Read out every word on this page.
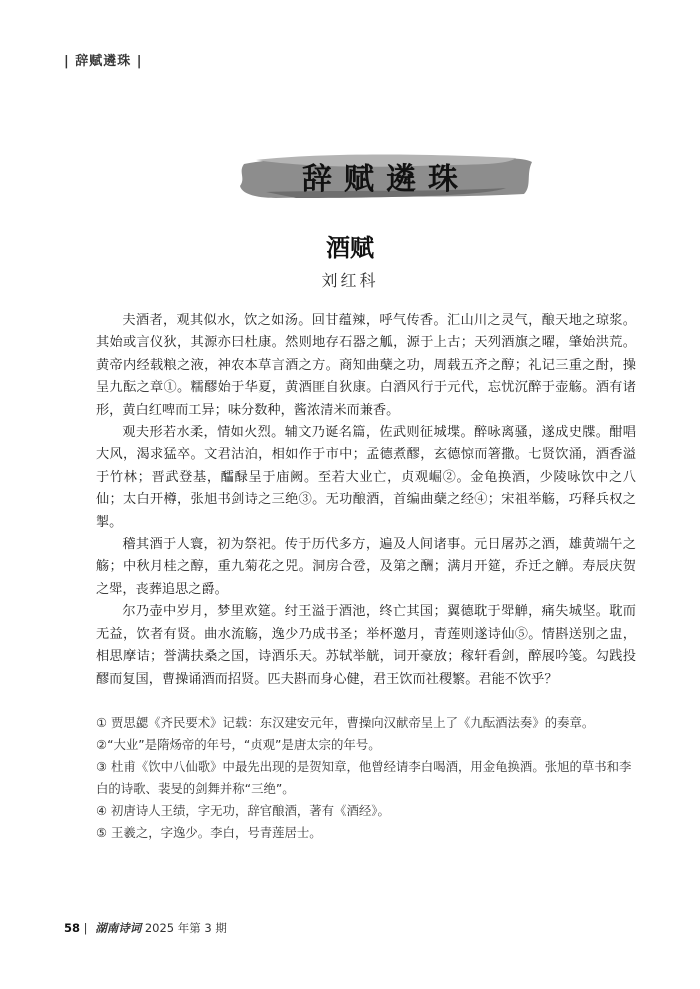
| 辞赋遴珠 |
辞赋遴珠
酒赋
刘红科

夫酒者，观其似水，饮之如汤。回甘蕴辣，呼气传香。汇山川之灵气，酿天地之琼浆。其始或言仪狄，其源亦曰杜康。然则地存石器之觚，源于上古；天列酒旗之曜，肇始洪荒。黄帝内经载粮之液，神农本草言酒之方。商知曲蘖之功，周载五齐之醇；礼记三重之酎，操呈九酝之章①。糯醪始于华夏，黄酒匪自狄康。白酒风行于元代，忘忧沉醉于壶觞。酒有诸形，黄白红啤而工异；味分数种，酱浓清米而兼香。

观夫形若水柔，情如火烈。辅文乃诞名篇，佐武则征城堞。醉咏离骚，遂成史牒。酣唱大风，渴求猛卒。文君沽泊，相如作于市中；孟德煮醪，玄德惊而箸撒。七贤饮涌，酒香溢于竹林；晋武登基，醽醁呈于庙阙。至若大业亡，贞观崛②。金龟换酒，少陵咏饮中之八仙；太白开樽，张旭书剑诗之三绝③。无功酿酒，首编曲蘖之经④；宋祖举觞，巧释兵权之掣。

稽其酒于人寰，初为祭祀。传于历代多方，遍及人间诸事。元日屠苏之酒，雄黄端午之觞；中秋月桂之醇，重九菊花之兕。洞房合卺，及第之酬；满月开筵，乔迁之觯。寿辰庆贺之斝，丧葬追思之爵。

尔乃壶中岁月，梦里欢筵。纣王溢于酒池，终亡其国；翼德耽于斝觯，痛失城坚。耽而无益，饮者有贤。曲水流觞，逸少乃成书圣；举杯邀月，青莲则遂诗仙⑤。情斟送别之盅，相思摩诘；誉满扶桑之国，诗酒乐天。苏轼举觥，词开豪放；稼轩看剑，醉展吟笺。勾践投醪而复国，曹操诵酒而招贤。匹夫斟而身心健，君王饮而社稷繁。君能不饮乎？

① 贾思勰《齐民要术》记载：东汉建安元年，曹操向汉献帝呈上了《九酝酒法奏》的奏章。

②“大业”是隋炀帝的年号，“贞观”是唐太宗的年号。

③ 杜甫《饮中八仙歌》中最先出现的是贺知章，他曾经请李白喝酒，用金龟换酒。张旭的草书和李白的诗歌、裴旻的剑舞并称“三绝”。

④ 初唐诗人王绩，字无功，辞官酿酒，著有《酒经》。

⑤ 王羲之，字逸少。李白，号青莲居士。

58 | 湖南诗词 2025 年第 3 期
